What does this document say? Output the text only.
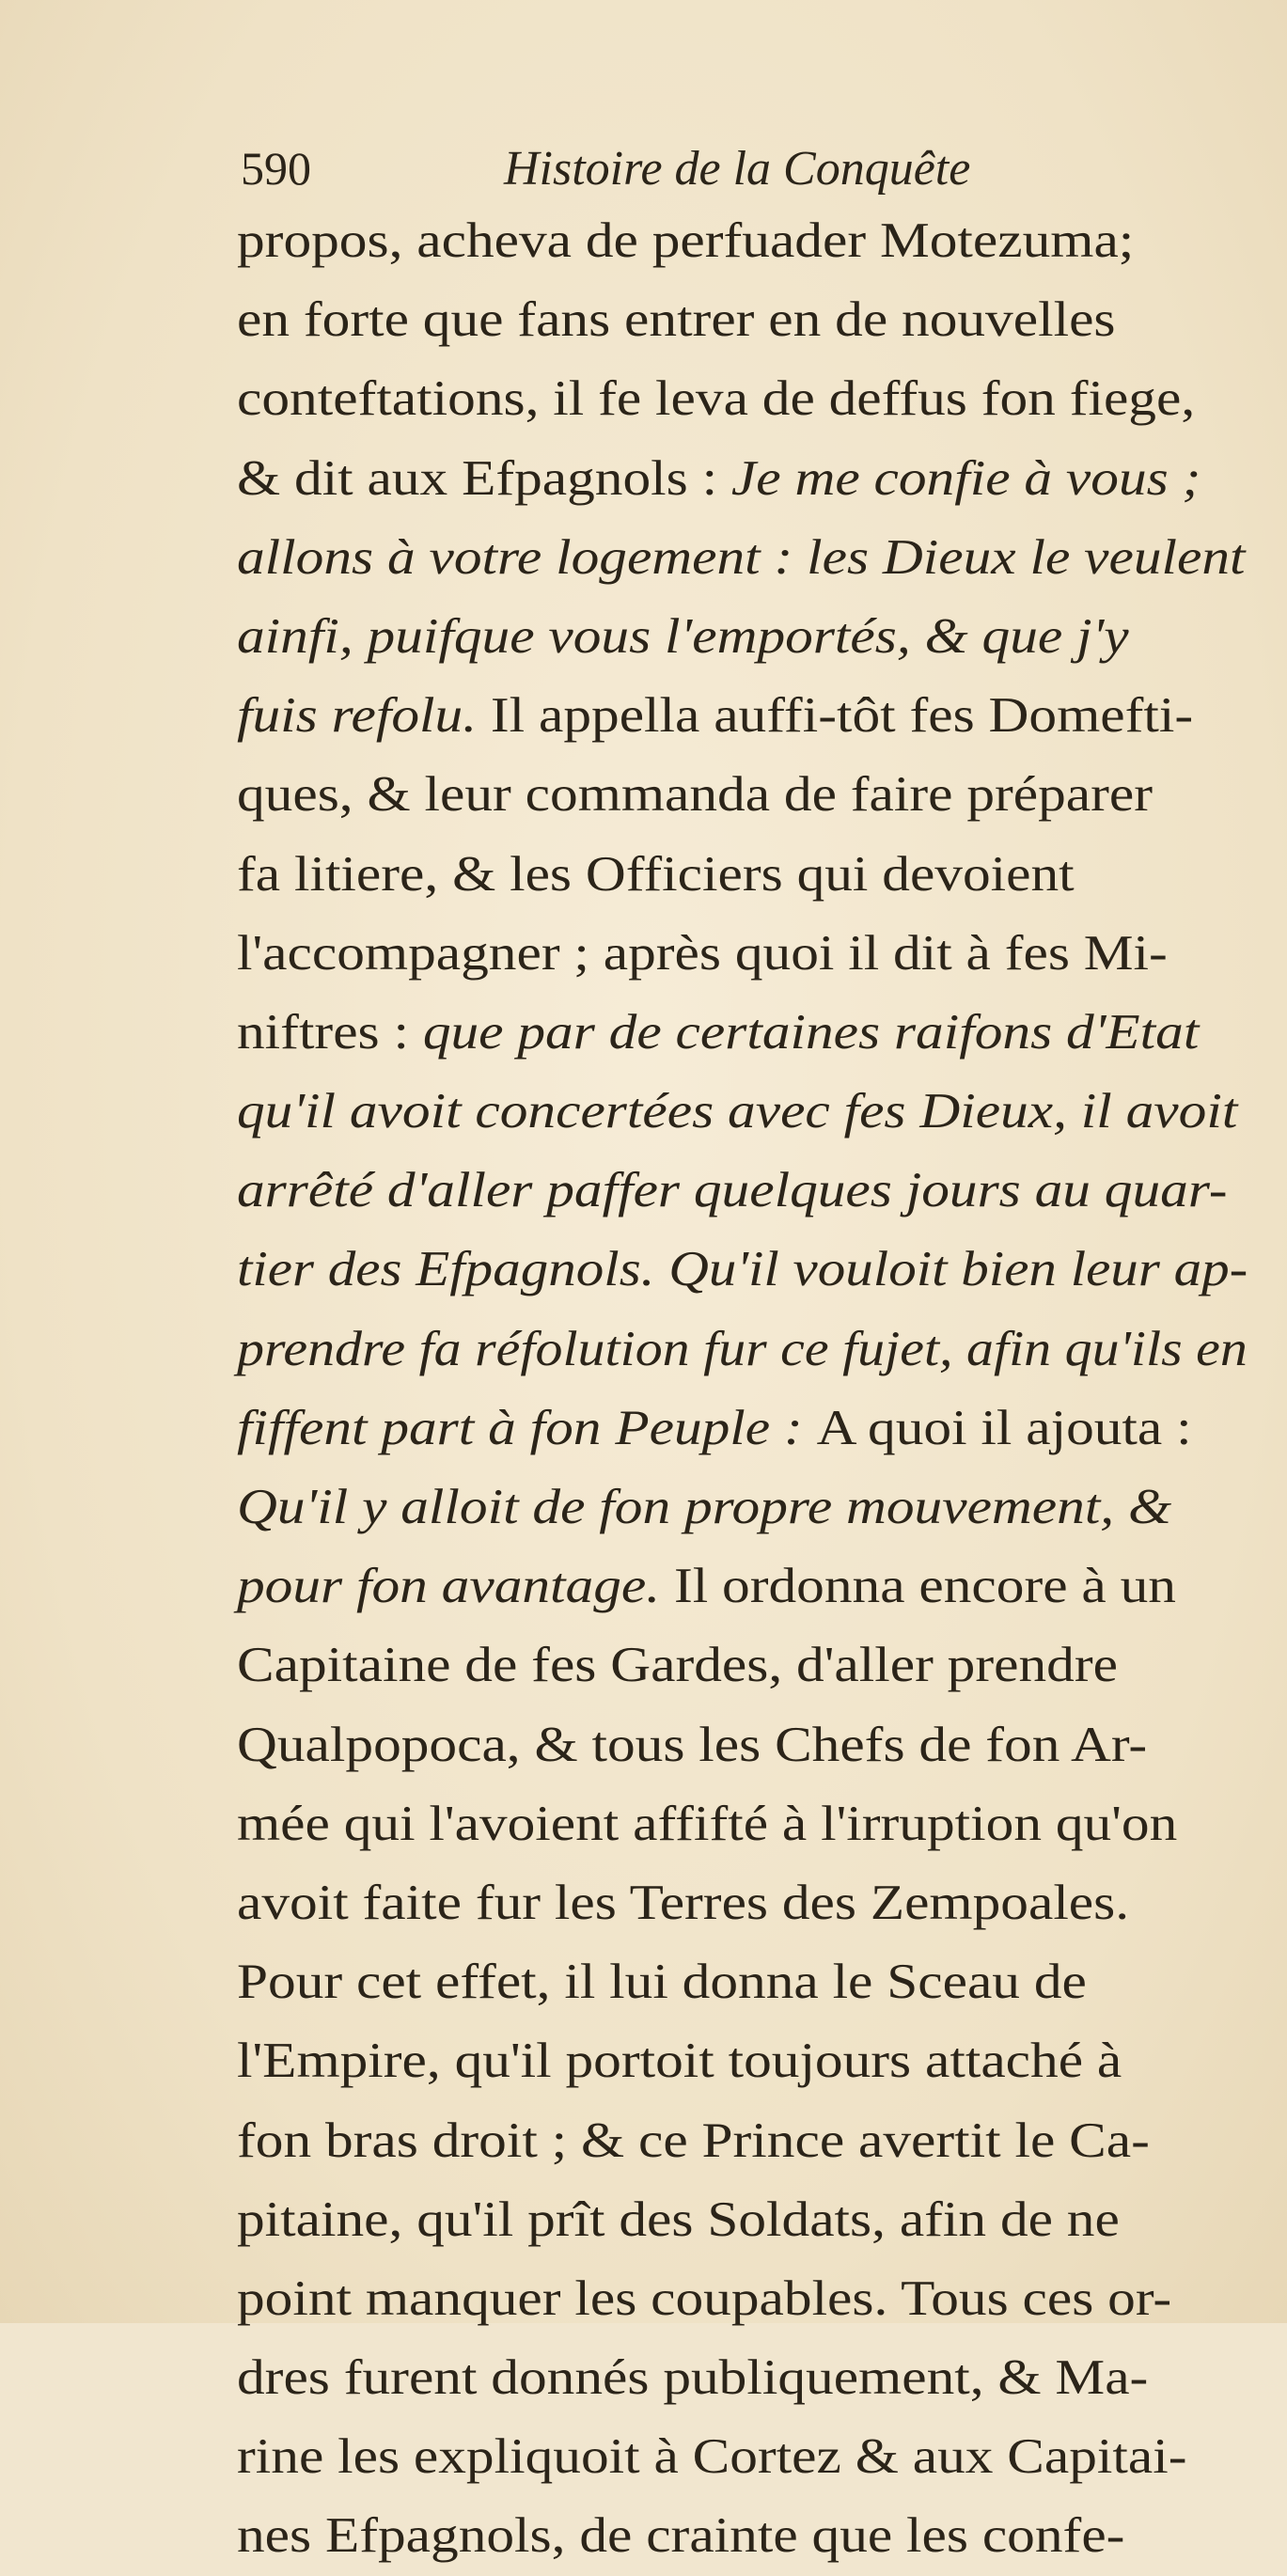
590	Histoire de la Conquête
propos, acheva de perfuader Motezuma;
en forte que fans entrer en de nouvelles
conteftations, il fe leva de deffus fon fiege,
& dit aux Efpagnols : Je me confie à vous ;
allons à votre logement : les Dieux le veulent
ainfi, puifque vous l'emportés, & que j'y
fuis refolu. Il appella auffi-tôt fes Domefti-
ques, & leur commanda de faire préparer
fa litiere, & les Officiers qui devoient
l'accompagner ; après quoi il dit à fes Mi-
niftres : que par de certaines raifons d'Etat
qu'il avoit concertées avec fes Dieux, il avoit
arrêté d'aller paffer quelques jours au quar-
tier des Efpagnols. Qu'il vouloit bien leur ap-
prendre fa réfolution fur ce fujet, afin qu'ils en
fiffent part à fon Peuple : A quoi il ajouta :
Qu'il y alloit de fon propre mouvement, &
pour fon avantage. Il ordonna encore à un
Capitaine de fes Gardes, d'aller prendre
Qualpopoca, & tous les Chefs de fon Ar-
mée qui l'avoient affifté à l'irruption qu'on
avoit faite fur les Terres des Zempoales.
Pour cet effet, il lui donna le Sceau de
l'Empire, qu'il portoit toujours attaché à
fon bras droit ; & ce Prince avertit le Ca-
pitaine, qu'il prît des Soldats, afin de ne
point manquer les coupables. Tous ces or-
dres furent donnés publiquement, & Ma-
rine les expliquoit à Cortez & aux Capitai-
nes Efpagnols, de crainte que les confe-
